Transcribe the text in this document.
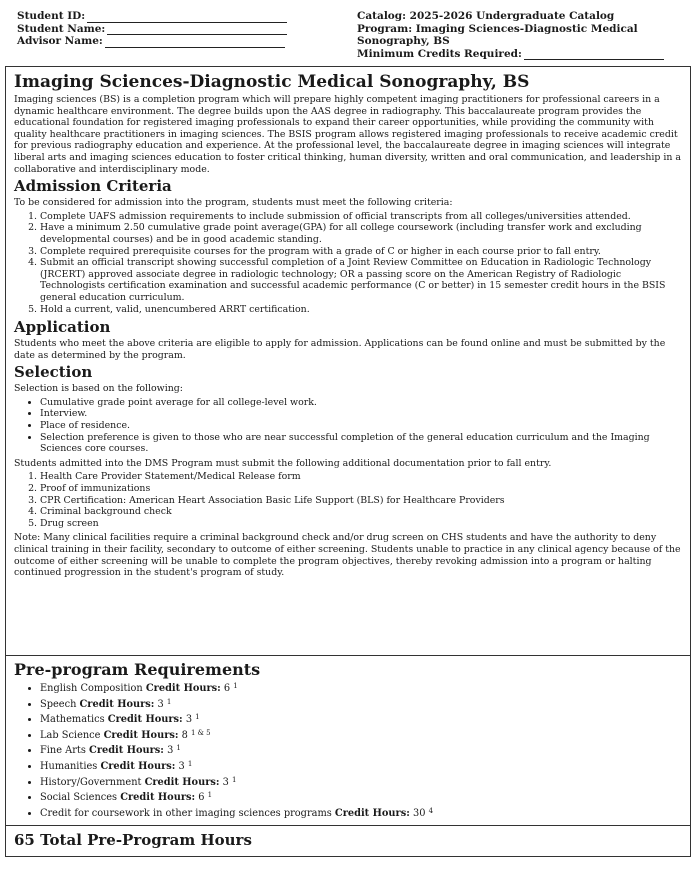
Student ID:
Student Name:
Advisor Name:
Catalog: 2025-2026 Undergraduate Catalog
Program: Imaging Sciences-Diagnostic Medical Sonography, BS
Minimum Credits Required:
Imaging Sciences-Diagnostic Medical Sonography, BS

Imaging sciences (BS) is a completion program which will prepare highly competent imaging practitioners for professional careers in a dynamic healthcare environment. The degree builds upon the AAS degree in radiography. This baccalaureate program provides the educational foundation for registered imaging professionals to expand their career opportunities, while providing the community with quality healthcare practitioners in imaging sciences. The BSIS program allows registered imaging professionals to receive academic credit for previous radiography education and experience. At the professional level, the baccalaureate degree in imaging sciences will integrate liberal arts and imaging sciences education to foster critical thinking, human diversity, written and oral communication, and leadership in a collaborative and interdisciplinary mode.

Admission Criteria

To be considered for admission into the program, students must meet the following criteria:

1. Complete UAFS admission requirements to include submission of official transcripts from all colleges/universities attended.
2. Have a minimum 2.50 cumulative grade point average(GPA) for all college coursework (including transfer work and excluding developmental courses) and be in good academic standing.
3. Complete required prerequisite courses for the program with a grade of C or higher in each course prior to fall entry.
4. Submit an official transcript showing successful completion of a Joint Review Committee on Education in Radiologic Technology (JRCERT) approved associate degree in radiologic technology; OR a passing score on the American Registry of Radiologic Technologists certification examination and successful academic performance (C or better) in 15 semester credit hours in the BSIS general education curriculum.
5. Hold a current, valid, unencumbered ARRT certification.
Application

Students who meet the above criteria are eligible to apply for admission. Applications can be found online and must be submitted by the date as determined by the program.

Selection

Selection is based on the following:

• Cumulative grade point average for all college-level work.
• Interview.
• Place of residence.
• Selection preference is given to those who are near successful completion of the general education curriculum and the Imaging Sciences core courses.

Students admitted into the DMS Program must submit the following additional documentation prior to fall entry.

1. Health Care Provider Statement/Medical Release form
2. Proof of immunizations
3. CPR Certification: American Heart Association Basic Life Support (BLS) for Healthcare Providers
4. Criminal background check
5. Drug screen

Note: Many clinical facilities require a criminal background check and/or drug screen on CHS students and have the authority to deny clinical training in their facility, secondary to outcome of either screening. Students unable to practice in any clinical agency because of the outcome of either screening will be unable to complete the program objectives, thereby revoking admission into a program or halting continued progression in the student's program of study.

Pre-program Requirements
• English Composition Credit Hours: 6 $^1$
• Speech Credit Hours: 3 $^1$
• Mathematics Credit Hours: 3 $^1$
• Lab Science Credit Hours: 8 $^{1 \& 5}$
• Fine Arts Credit Hours: 3 $^1$
• Humanities Credit Hours: 3 $^1$
• History/Government Credit Hours: 3 $^1$
• Social Sciences Credit Hours: 6 $^1$
• Credit for coursework in other imaging sciences programs Credit Hours: 30 $^4$
65 Total Pre-Program Hours
